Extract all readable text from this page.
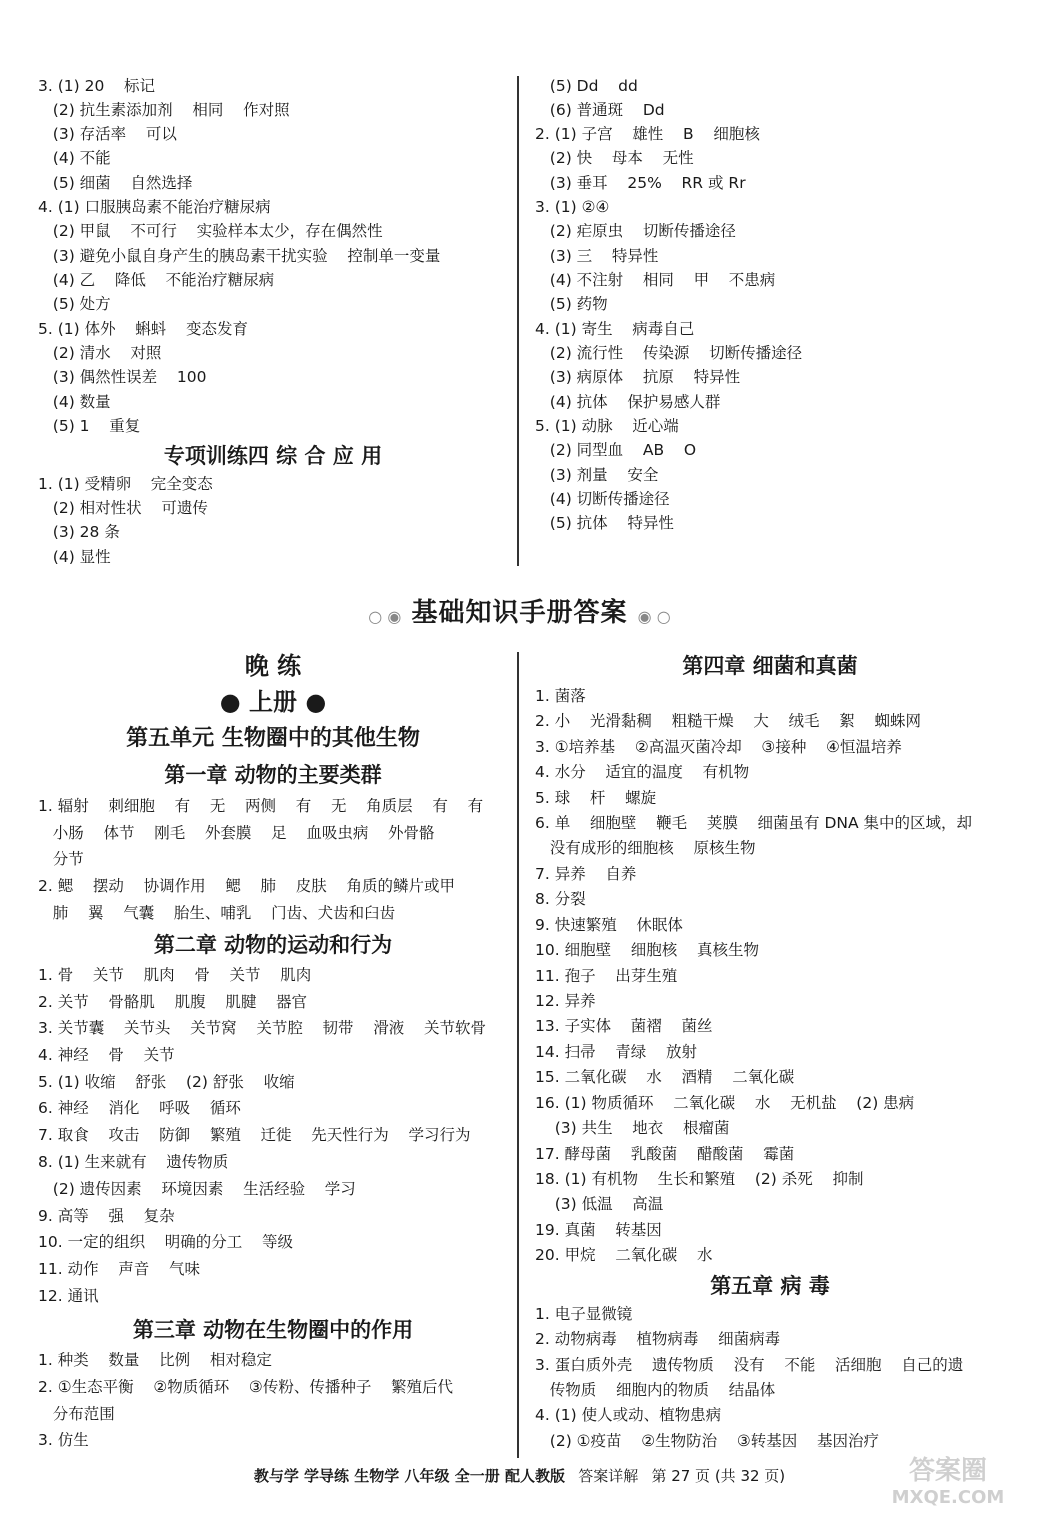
3. (1) 20    标记
(2) 抗生素添加剂    相同    作对照
(3) 存活率    可以
(4) 不能
(5) 细菌    自然选择
4. (1) 口服胰岛素不能治疗糖尿病
(2) 甲鼠    不可行    实验样本太少，存在偶然性
(3) 避免小鼠自身产生的胰岛素干扰实验    控制单一变量
(4) 乙    降低    不能治疗糖尿病
(5) 处方
5. (1) 体外    蝌蚪    变态发育
(2) 清水    对照
(3) 偶然性误差    100
(4) 数量
(5) 1    重复
专项训练四 综 合 应 用
1. (1) 受精卵    完全变态
(2) 相对性状    可遗传
(3) 28 条
(4) 显性
(5) Dd    dd
(6) 普通斑    Dd
2. (1) 子宫    雄性    B    细胞核
(2) 快    母本    无性
(3) 垂耳    25%    RR 或 Rr
3. (1) ②④
(2) 疟原虫    切断传播途径
(3) 三    特异性
(4) 不注射    相同    甲    不患病
(5) 药物
4. (1) 寄生    病毒自己
(2) 流行性    传染源    切断传播途径
(3) 病原体    抗原    特异性
(4) 抗体    保护易感人群
5. (1) 动脉    近心端
(2) 同型血    AB    O
(3) 剂量    安全
(4) 切断传播途径
(5) 抗体    特异性
○ ◉  基础知识手册答案  ◉ ○
晚 练
● 上册 ●
第五单元 生物圈中的其他生物
第一章 动物的主要类群
1. 辐射    刺细胞    有    无    两侧    有    无    角质层    有    有
小肠    体节    刚毛    外套膜    足    血吸虫病    外骨骼
分节
2. 鳃    摆动    协调作用    鳃    肺    皮肤    角质的鳞片或甲
肺    翼    气囊    胎生、哺乳    门齿、犬齿和臼齿
第二章 动物的运动和行为
1. 骨    关节    肌肉    骨    关节    肌肉
2. 关节    骨骼肌    肌腹    肌腱    器官
3. 关节囊    关节头    关节窝    关节腔    韧带    滑液    关节软骨
4. 神经    骨    关节
5. (1) 收缩    舒张    (2) 舒张    收缩
6. 神经    消化    呼吸    循环
7. 取食    攻击    防御    繁殖    迁徙    先天性行为    学习行为
8. (1) 生来就有    遗传物质
(2) 遗传因素    环境因素    生活经验    学习
9. 高等    强    复杂
10. 一定的组织    明确的分工    等级
11. 动作    声音    气味
12. 通讯
第三章 动物在生物圈中的作用
1. 种类    数量    比例    相对稳定
2. ①生态平衡    ②物质循环    ③传粉、传播种子    繁殖后代
分布范围
3. 仿生
第四章 细菌和真菌
1. 菌落
2. 小    光滑黏稠    粗糙干燥    大    绒毛    絮    蜘蛛网
3. ①培养基    ②高温灭菌冷却    ③接种    ④恒温培养
4. 水分    适宜的温度    有机物
5. 球    杆    螺旋
6. 单    细胞壁    鞭毛    荚膜    细菌虽有 DNA 集中的区域，却
没有成形的细胞核    原核生物
7. 异养    自养
8. 分裂
9. 快速繁殖    休眠体
10. 细胞壁    细胞核    真核生物
11. 孢子    出芽生殖
12. 异养
13. 子实体    菌褶    菌丝
14. 扫帚    青绿    放射
15. 二氧化碳    水    酒精    二氧化碳
16. (1) 物质循环    二氧化碳    水    无机盐    (2) 患病
(3) 共生    地衣    根瘤菌
17. 酵母菌    乳酸菌    醋酸菌    霉菌
18. (1) 有机物    生长和繁殖    (2) 杀死    抑制
(3) 低温    高温
19. 真菌    转基因
20. 甲烷    二氧化碳    水
第五章 病 毒
1. 电子显微镜
2. 动物病毒    植物病毒    细菌病毒
3. 蛋白质外壳    遗传物质    没有    不能    活细胞    自己的遗
传物质    细胞内的物质    结晶体
4. (1) 使人或动、植物患病
(2) ①疫苗    ②生物防治    ③转基因    基因治疗
教与学 学导练 生物学 八年级 全一册 配人教版 答案详解 第 27 页 (共 32 页)	答案圈
MXQE.COM
